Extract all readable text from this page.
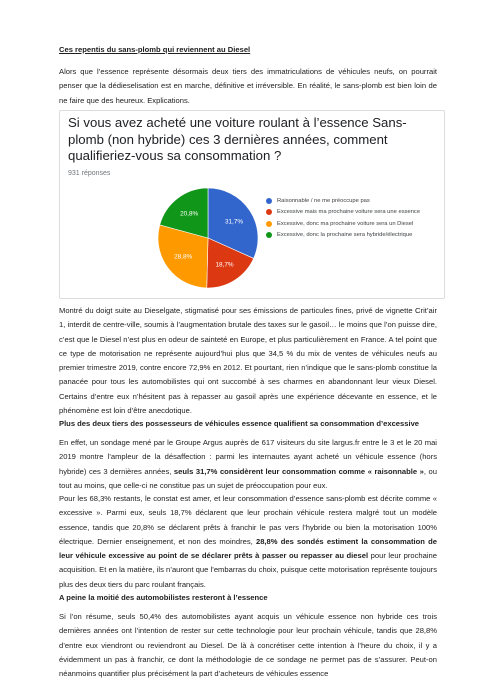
Ces repentis du sans-plomb qui reviennent au Diesel

Alors que l’essence représente désormais deux tiers des immatriculations de véhicules neufs, on pourrait penser que la dédieselisation est en marche, définitive et irréversible. En réalité, le sans-plomb est bien loin de ne faire que des heureux. Explications.

Si vous avez acheté une voiture roulant à l’essence Sans-plomb (non hybride) ces 3 dernières années, comment qualifieriez-vous sa consommation ?

931 réponses

31,7%
18,7%
28,8%
20,8%
Raisonnable / ne me préoccupe pas
Excessive mais ma prochaine voiture sera une essence
Excessive, donc ma prochaine voiture sera un Diesel
Excessive, donc la prochaine sera hybride/électrique

Montré du doigt suite au Dieselgate, stigmatisé pour ses émissions de particules fines, privé de vignette Crit’air 1, interdit de centre-ville, soumis à l’augmentation brutale des taxes sur le gasoil… le moins que l’on puisse dire, c’est que le Diesel n’est plus en odeur de sainteté en Europe, et plus particulièrement en France. A tel point que ce type de motorisation ne représente aujourd’hui plus que 34,5 % du mix de ventes de véhicules neufs au premier trimestre 2019, contre encore 72,9% en 2012. Et pourtant, rien n’indique que le sans-plomb constitue la panacée pour tous les automobilistes qui ont succombé à ses charmes en abandonnant leur vieux Diesel. Certains d’entre eux n’hésitent pas à repasser au gasoil après une expérience décevante en essence, et le phénomène est loin d’être anecdotique.

Plus des deux tiers des possesseurs de véhicules essence qualifient sa consommation d’excessive

En effet, un sondage mené par le Groupe Argus auprès de 617 visiteurs du site largus.fr entre le 3 et le 20 mai 2019 montre l’ampleur de la désaffection : parmi les internautes ayant acheté un véhicule essence (hors hybride) ces 3 dernières années, seuls 31,7% considèrent leur consommation comme « raisonnable », ou tout au moins, que celle-ci ne constitue pas un sujet de préoccupation pour eux.

Pour les 68,3% restants, le constat est amer, et leur consommation d’essence sans-plomb est décrite comme « excessive ». Parmi eux, seuls 18,7% déclarent que leur prochain véhicule restera malgré tout un modèle essence, tandis que 20,8% se déclarent prêts à franchir le pas vers l’hybride ou bien la motorisation 100% électrique. Dernier enseignement, et non des moindres, 28,8% des sondés estiment la consommation de leur véhicule excessive au point de se déclarer prêts à passer ou repasser au diesel pour leur prochaine acquisition. Et en la matière, ils n’auront que l’embarras du choix, puisque cette motorisation représente toujours plus des deux tiers du parc roulant français.

A peine la moitié des automobilistes resteront à l’essence

Si l’on résume, seuls 50,4% des automobilistes ayant acquis un véhicule essence non hybride ces trois dernières années ont l’intention de rester sur cette technologie pour leur prochain véhicule, tandis que 28,8% d’entre eux viendront ou reviendront au Diesel. De là à concrétiser cette intention à l’heure du choix, il y a évidemment un pas à franchir, ce dont la méthodologie de ce sondage ne permet pas de s’assurer. Peut-on néanmoins quantifier plus précisément la part d’acheteurs de véhicules essence
